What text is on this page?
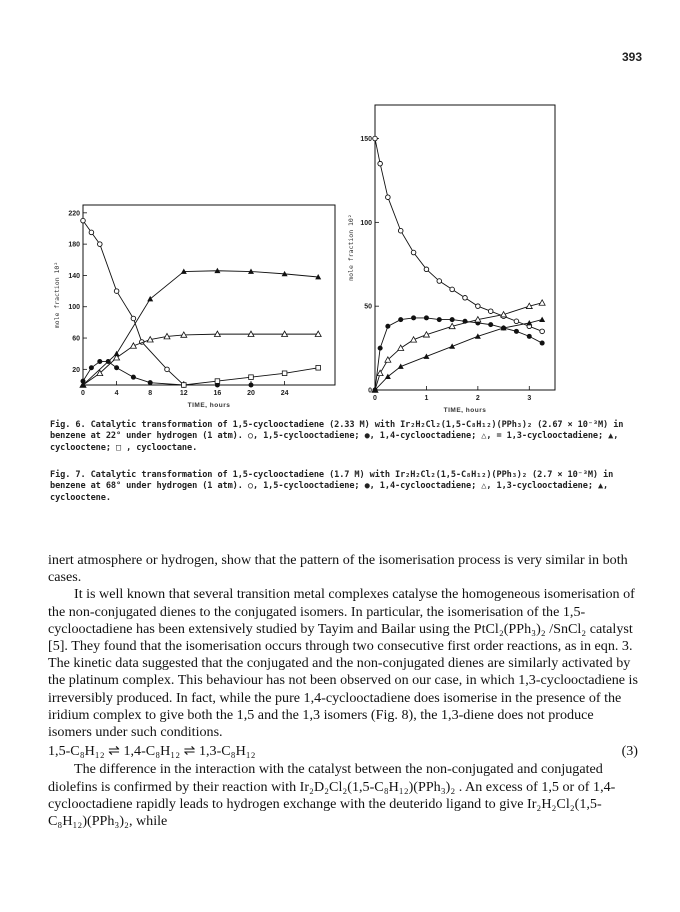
393
0	4	8	12	16	20	24
20
60
100
140
180
220
TIME, hours
mole fraction 10²
0	1	2	3
0
50
100
150
TIME, hours
mole fraction 10²

Fig. 6. Catalytic transformation of 1,5-cyclooctadiene (2.33 M) with Ir₂H₂Cl₂(1,5-C₈H₁₂)(PPh₃)₂ (2.67 × 10⁻³M) in benzene at 22° under hydrogen (1 atm). ○, 1,5-cyclooctadiene; ●, 1,4-cyclooctadiene; △, = 1,3-cyclooctadiene; ▲, cyclooctene; □ , cyclooctane.

Fig. 7. Catalytic transformation of 1,5-cyclooctadiene (1.7 M) with Ir₂H₂Cl₂(1,5-C₈H₁₂)(PPh₃)₂ (2.7 × 10⁻³M) in benzene at 68° under hydrogen (1 atm). ○, 1,5-cyclooctadiene; ●, 1,4-cyclooctadiene; △, 1,3-cyclooctadiene; ▲, cyclooctene.

inert atmosphere or hydrogen, show that the pattern of the isomerisation process is very similar in both cases.

It is well known that several transition metal complexes catalyse the homogeneous isomerisation of the non-conjugated dienes to the conjugated isomers. In particular, the isomerisation of the 1,5-cyclooctadiene has been extensively studied by Tayim and Bailar using the PtCl₂(PPh₃)₂ /SnCl₂ catalyst [5]. They found that the isomerisation occurs through two consecutive first order reactions, as in eqn. 3. The kinetic data suggested that the conjugated and the non-conjugated dienes are similarly activated by the platinum complex. This behaviour has not been observed on our case, in which 1,3-cyclooctadiene is irreversibly produced. In fact, while the pure 1,4-cyclooctadiene does isomerise in the presence of the iridium complex to give both the 1,5 and the 1,3 isomers (Fig. 8), the 1,3-diene does not produce isomers under such conditions.

1,5-C₈H₁₂ ⇌ 1,4-C₈H₁₂ ⇌ 1,3-C₈H₁₂	(3)

The difference in the interaction with the catalyst between the non-conjugated and conjugated diolefins is confirmed by their reaction with Ir₂D₂Cl₂(1,5-C₈H₁₂)(PPh₃)₂ . An excess of 1,5 or of 1,4-cyclooctadiene rapidly leads to hydrogen exchange with the deuterido ligand to give Ir₂H₂Cl₂(1,5-C₈H₁₂)(PPh₃)₂, while
